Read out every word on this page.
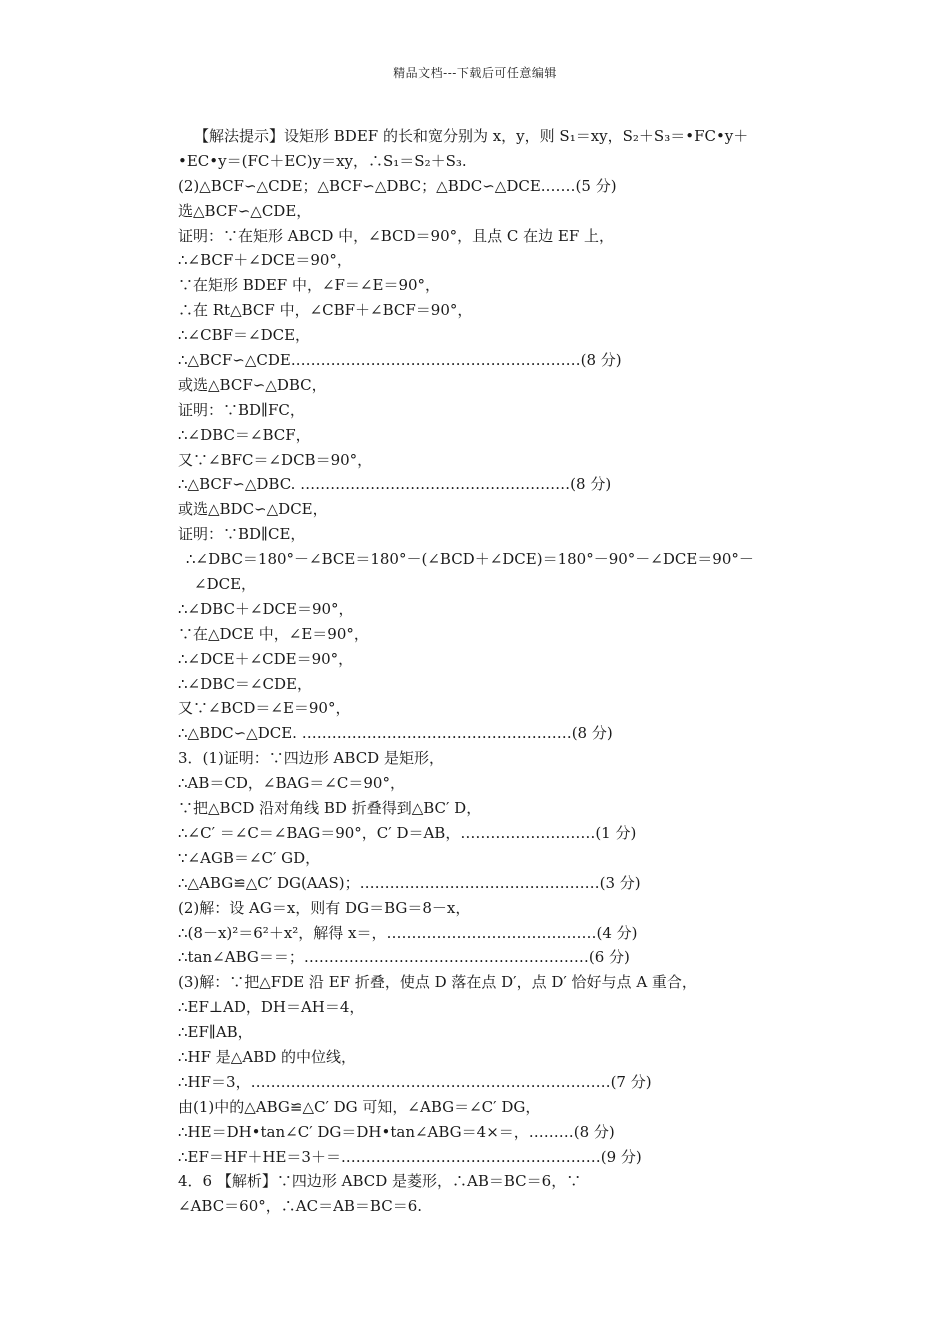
精品文档---下载后可任意编辑
【解法提示】设矩形 BDEF 的长和宽分别为 x，y，则 S₁＝xy，S₂＋S₃＝•FC•y＋
•EC•y＝(FC＋EC)y＝xy，∴S₁＝S₂＋S₃.
(2)△BCF∽△CDE；△BCF∽△DBC；△BDC∽△DCE.……(5 分)
选△BCF∽△CDE，
证明：∵在矩形 ABCD 中，∠BCD＝90°，且点 C 在边 EF 上，
∴∠BCF＋∠DCE＝90°，
∵在矩形 BDEF 中，∠F＝∠E＝90°，
∴在 Rt△BCF 中，∠CBF＋∠BCF＝90°，
∴∠CBF＝∠DCE，
∴△BCF∽△CDE.…………………………………………………(8 分)
或选△BCF∽△DBC，
证明：∵BD∥FC，
∴∠DBC＝∠BCF，
又∵∠BFC＝∠DCB＝90°，
∴△BCF∽△DBC. ………………………………………………(8 分)
或选△BDC∽△DCE，
证明：∵BD∥CE，
∴∠DBC＝180°－∠BCE＝180°－(∠BCD＋∠DCE)＝180°－90°－∠DCE＝90°－
∠DCE，
∴∠DBC＋∠DCE＝90°，
∵在△DCE 中，∠E＝90°，
∴∠DCE＋∠CDE＝90°，
∴∠DBC＝∠CDE，
又∵∠BCD＝∠E＝90°，
∴△BDC∽△DCE. ………………………………………………(8 分)
3．(1)证明：∵四边形 ABCD 是矩形，
∴AB＝CD，∠BAG＝∠C＝90°，
∵把△BCD 沿对角线 BD 折叠得到△BC′ D，
∴∠C′ ＝∠C＝∠BAG＝90°，C′ D＝AB，………………………(1 分)
∵∠AGB＝∠C′ GD，
∴△ABG≌△C′ DG(AAS)；…………………………………………(3 分)
(2)解：设 AG＝x，则有 DG＝BG＝8－x，
∴(8－x)²＝6²＋x²，解得 x＝，……………………………………(4 分)
∴tan∠ABG＝＝；…………………………………………………(6 分)
(3)解：∵把△FDE 沿 EF 折叠，使点 D 落在点 D′，点 D′ 恰好与点 A 重合，
∴EF⊥AD，DH＝AH＝4，
∴EF∥AB，
∴HF 是△ABD 的中位线，
∴HF＝3，………………………………………………………………(7 分)
由(1)中的△ABG≌△C′ DG 可知，∠ABG＝∠C′ DG，
∴HE＝DH•tan∠C′ DG＝DH•tan∠ABG＝4×＝，………(8 分)
∴EF＝HF＋HE＝3＋＝.……………………………………………(9 分)
4．6 【解析】∵四边形 ABCD 是菱形，∴AB＝BC＝6，∵
∠ABC＝60°，∴AC＝AB＝BC＝6.
